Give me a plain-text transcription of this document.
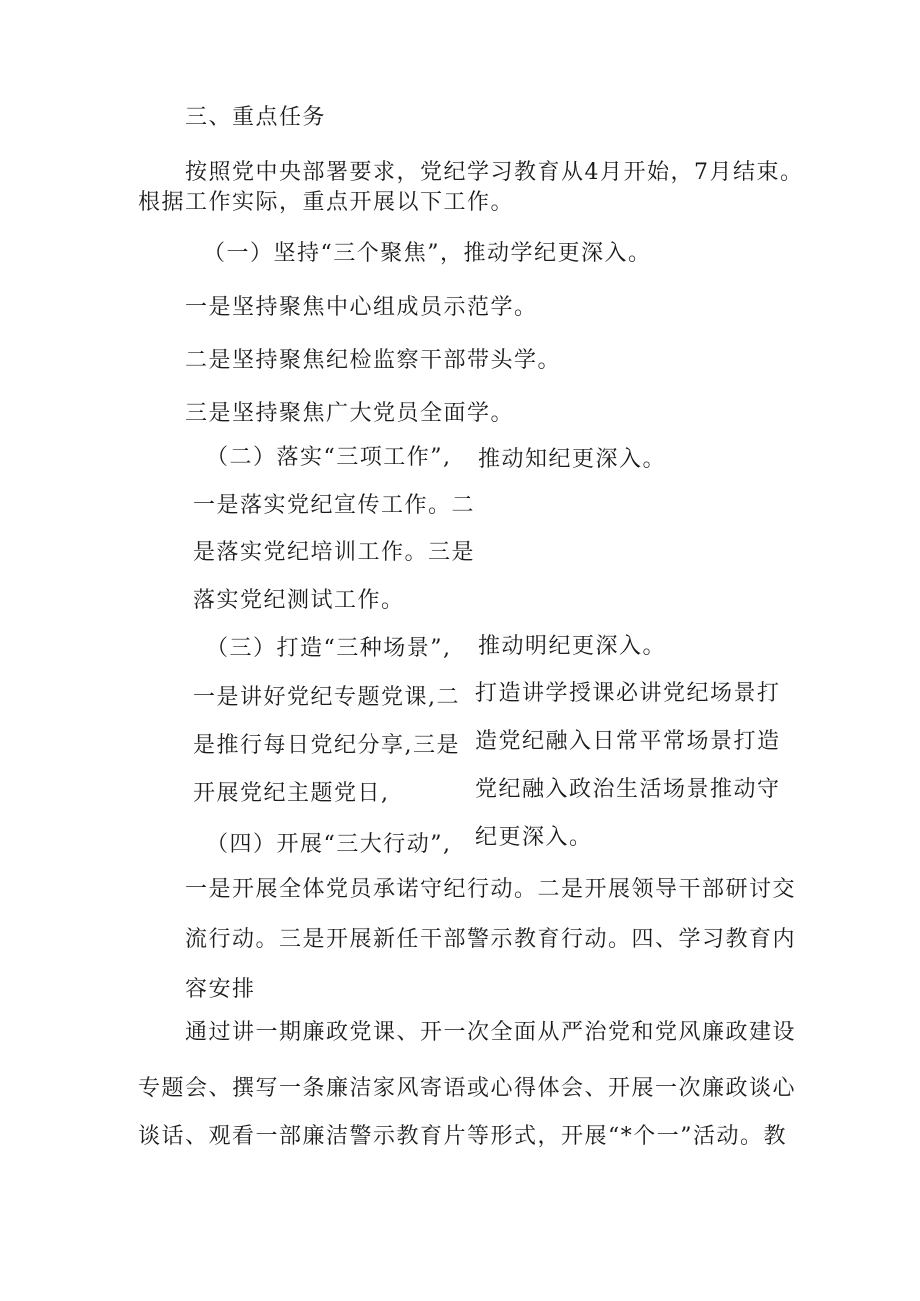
三、重点任务
按照党中央部署要求，党纪学习教育从4月开始，7月结束。
根据工作实际，重点开展以下工作。
（一）坚持“三个聚焦”，推动学纪更深入。
一是坚持聚焦中心组成员示范学。
二是坚持聚焦纪检监察干部带头学。
三是坚持聚焦广大党员全面学。
（二）落实“三项工作”, 推动知纪更深入。
一是落实党纪宣传工作。二
是落实党纪培训工作。三是
落实党纪测试工作。
（三）打造“三种场景”, 推动明纪更深入。
一是讲好党纪专题党课,二
是推行每日党纪分享,三是
开展党纪主题党日,
打造讲学授课必讲党纪场景打
造党纪融入日常平常场景打造
党纪融入政治生活场景推动守
纪更深入。
（四）开展“三大行动”,
一是开展全体党员承诺守纪行动。二是开展领导干部研讨交
流行动。三是开展新任干部警示教育行动。四、学习教育内
容安排
通过讲一期廉政党课、开一次全面从严治党和党风廉政建设
专题会、撰写一条廉洁家风寄语或心得体会、开展一次廉政谈心
谈话、观看一部廉洁警示教育片等形式，开展“*个一”活动。教
